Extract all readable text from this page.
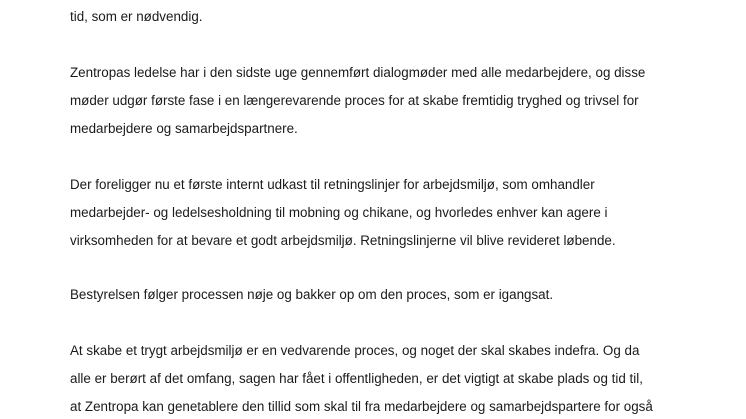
tid, som er nødvendig.
Zentropas ledelse har i den sidste uge gennemført dialogmøder med alle medarbejdere, og disse
møder udgør første fase i en længerevarende proces for at skabe fremtidig tryghed og trivsel for
medarbejdere og samarbejdspartnere.
Der foreligger nu et første internt udkast til retningslinjer for arbejdsmiljø, som omhandler
medarbejder- og ledelsesholdning til mobning og chikane, og hvorledes enhver kan agere i
virksomheden for at bevare et godt arbejdsmiljø. Retningslinjerne vil blive revideret løbende.
Bestyrelsen følger processen nøje og bakker op om den proces, som er igangsat.
At skabe et trygt arbejdsmiljø er en vedvarende proces, og noget der skal skabes indefra. Og da
alle er berørt af det omfang, sagen har fået i offentligheden, er det vigtigt at skabe plads og tid til,
at Zentropa kan genetablere den tillid som skal til fra medarbejdere og samarbejdspartere for også
